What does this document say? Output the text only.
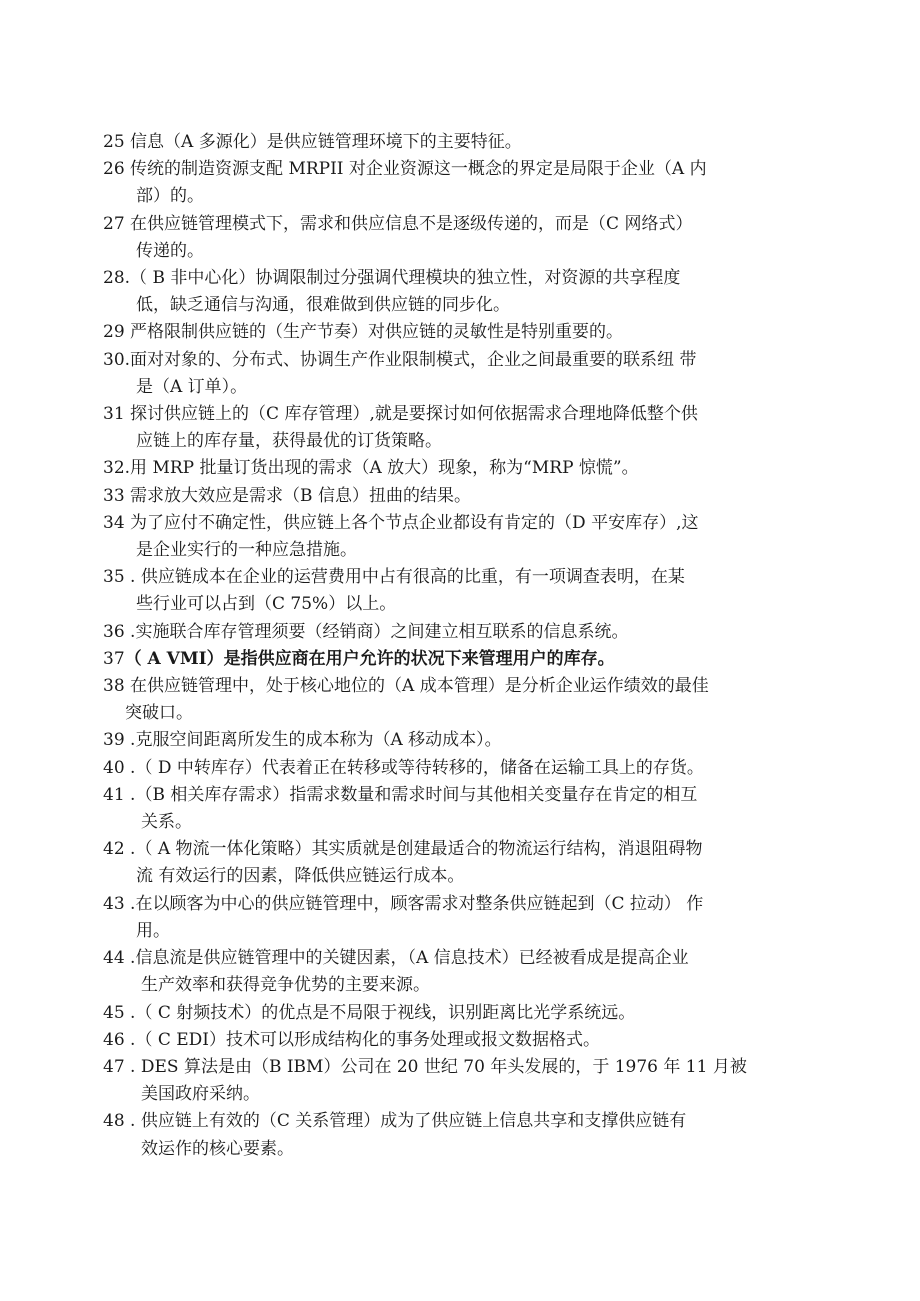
25 信息（A 多源化）是供应链管理环境下的主要特征。
26 传统的制造资源支配 MRPII 对企业资源这一概念的界定是局限于企业（A 内
部）的。
27 在供应链管理模式下，需求和供应信息不是逐级传递的，而是（C 网络式）
传递的。
28.（ B 非中心化）协调限制过分强调代理模块的独立性，对资源的共享程度
低，缺乏通信与沟通，很难做到供应链的同步化。
29 严格限制供应链的（生产节奏）对供应链的灵敏性是特别重要的。
30.面对对象的、分布式、协调生产作业限制模式，企业之间最重要的联系纽 带
是（A 订单）。
31 探讨供应链上的（C 库存管理）,就是要探讨如何依据需求合理地降低整个供
应链上的库存量，获得最优的订货策略。
32.用 MRP 批量订货出现的需求（A 放大）现象，称为“MRP 惊慌”。
33 需求放大效应是需求（B 信息）扭曲的结果。
34 为了应付不确定性，供应链上各个节点企业都设有肯定的（D 平安库存）,这
是企业实行的一种应急措施。
35 . 供应链成本在企业的运营费用中占有很高的比重，有一项调查表明，在某
些行业可以占到（C 75%）以上。
36 .实施联合库存管理须要（经销商）之间建立相互联系的信息系统。
37（ A VMI）是指供应商在用户允许的状况下来管理用户的库存。
38 在供应链管理中，处于核心地位的（A 成本管理）是分析企业运作绩效的最佳
突破口。
39 .克服空间距离所发生的成本称为（A 移动成本）。
40 .（ D 中转库存）代表着正在转移或等待转移的，储备在运输工具上的存货。
41 .（B 相关库存需求）指需求数量和需求时间与其他相关变量存在肯定的相互
关系。
42 .（ A 物流一体化策略）其实质就是创建最适合的物流运行结构，消退阻碍物
流 有效运行的因素，降低供应链运行成本。
43 .在以顾客为中心的供应链管理中，顾客需求对整条供应链起到（C 拉动） 作
用。
44 .信息流是供应链管理中的关键因素，（A 信息技术）已经被看成是提高企业
生产效率和获得竞争优势的主要来源。
45 .（ C 射频技术）的优点是不局限于视线，识别距离比光学系统远。
46 .（ C EDI）技术可以形成结构化的事务处理或报文数据格式。
47 . DES 算法是由（B IBM）公司在 20 世纪 70 年头发展的，于 1976 年 11 月被
美国政府采纳。
48 . 供应链上有效的（C 关系管理）成为了供应链上信息共享和支撑供应链有
效运作的核心要素。
